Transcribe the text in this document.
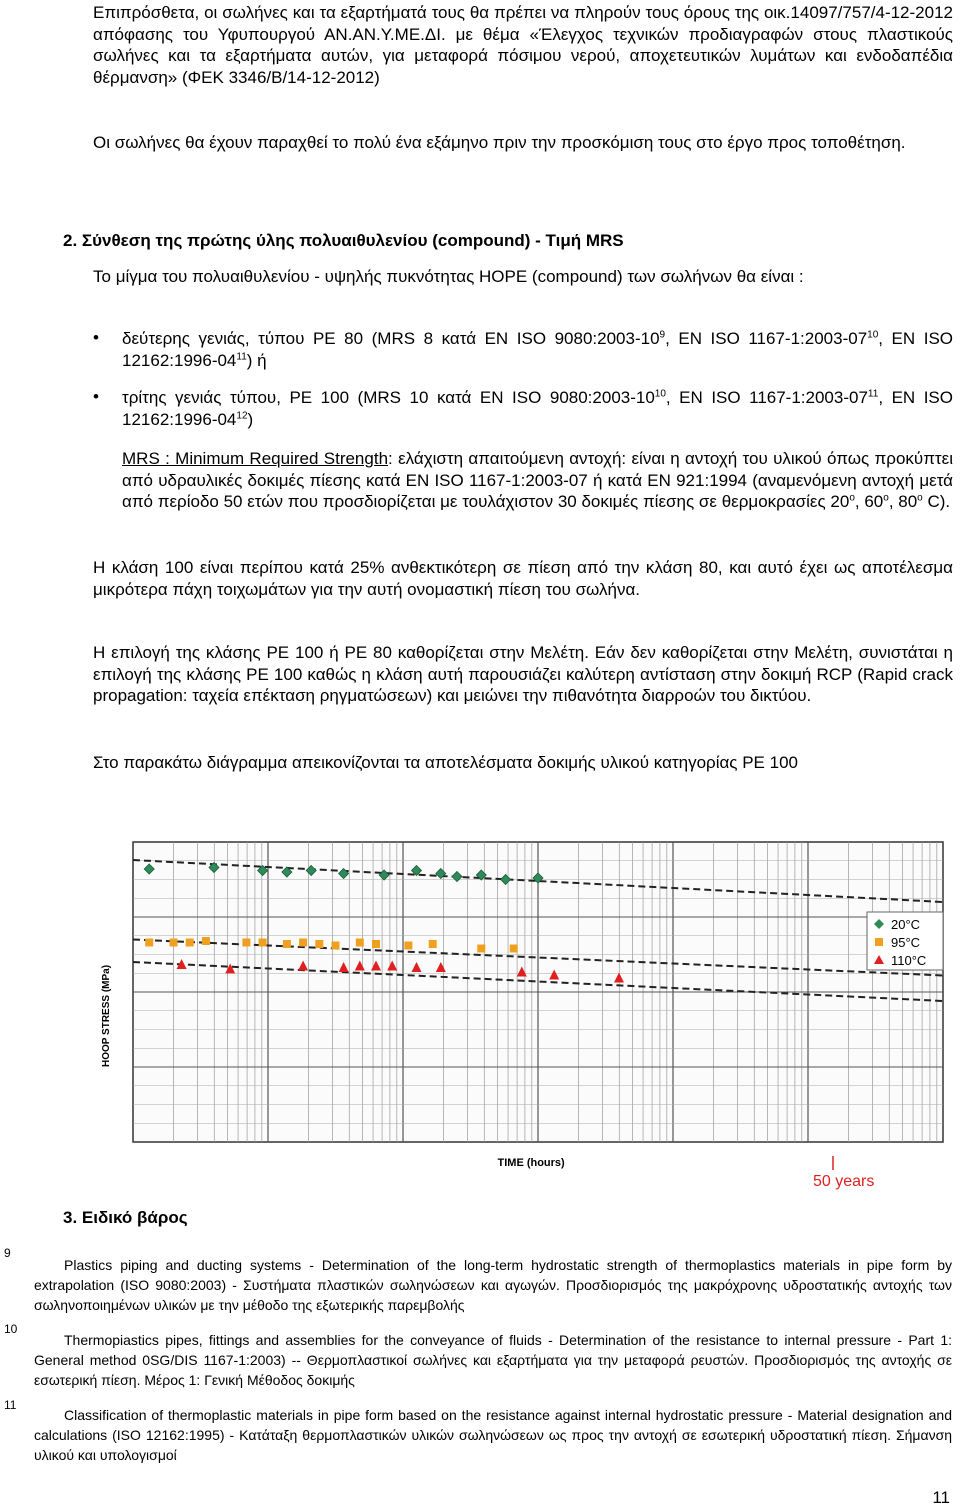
Επιπρόσθετα, οι σωλήνες και τα εξαρτήματά τους θα πρέπει να πληρούν τους όρους της οικ.14097/757/4-12-2012 απόφασης του Υφυπουργού ΑΝ.ΑΝ.Υ.ΜΕ.ΔΙ. με θέμα «Έλεγχος τεχνικών προδιαγραφών στους πλαστικούς σωλήνες και τα εξαρτήματα αυτών, για μεταφορά πόσιμου νερού, αποχετευτικών λυμάτων και ενδοδαπέδια θέρμανση» (ΦΕΚ 3346/Β/14-12-2012)

Οι σωλήνες θα έχουν παραχθεί το πολύ ένα εξάμηνο πριν την προσκόμιση τους στο έργο προς τοποθέτηση.

2. Σύνθεση της πρώτης ύλης πολυαιθυλενίου (compound) - Τιμή MRS

Το μίγμα του πολυαιθυλενίου - υψηλής πυκνότητας HOPE (compound) των σωλήνων θα είναι :

• δεύτερης γενιάς, τύπου PE 80 (MRS 8 κατά EN ISO $9080:2003-10^9$, EN ISO $1167-1:2003-07^{10}$, EN ISO $12162:1996-04^{11}$) ή

• τρίτης γενιάς τύπου, PE 100 (MRS 10 κατά EN ISO $9080:2003-10^{10}$, EN ISO $1167-1:2003-07^{11}$, EN ISO $12162:1996-04^{12}$)

MRS : Minimum Required Strength: ελάχιστη απαιτούμενη αντοχή: είναι η αντοχή του υλικού όπως προκύπτει από υδραυλικές δοκιμές πίεσης κατά EN ISO 1167-1:2003-07 ή κατά EN 921:1994 (αναμενόμενη αντοχή μετά από περίοδο 50 ετών που προσδιορίζεται με τουλάχιστον 30 δοκιμές πίεσης σε θερμοκρασίες $20^o$, $60^o$, $80^o$ C).

Η κλάση 100 είναι περίπου κατά 25% ανθεκτικότερη σε πίεση από την κλάση 80, και αυτό έχει ως αποτέλεσμα μικρότερα πάχη τοιχωμάτων για την αυτή ονομαστική πίεση του σωλήνα.

Η επιλογή της κλάσης PE 100 ή PE 80 καθορίζεται στην Μελέτη. Εάν δεν καθορίζεται στην Μελέτη, συνιστάται η επιλογή της κλάσης PE 100 καθώς η κλάση αυτή παρουσιάζει καλύτερη αντίσταση στην δοκιμή RCP (Rapid crack propagation: ταχεία επέκταση ρηγματώσεων) και μειώνει την πιθανότητα διαρροών του δικτύου.

Στο παρακάτω διάγραμμα απεικονίζονται τα αποτελέσματα δοκιμής υλικού κατηγορίας PE 100

20°C
95°C
110°C
HOOP STRESS (MPa)
TIME (hours)
50 years
3. Ειδικό βάρος
9

Plastics piping and ducting systems - Determination of the long-term hydrostatic strength of thermoplastics materials in pipe form by extrapolation (ISO 9080:2003) - Συστήματα πλαστικών σωληνώσεων και αγωγών. Προσδιορισμός της μακρόχρονης υδροστατικής αντοχής των σωληνοποιημένων υλικών με την μέθοδο της εξωτερικής παρεμβολής

10

Thermopiastics pipes, fittings and assemblies for the conveyance of fluids - Determination of the resistance to internal pressure - Part 1: General method 0SG/DIS 1167-1:2003) -- Θερμοπλαστικοί σωλήνες και εξαρτήματα για την μεταφορά ρευστών. Προσδιορισμός της αντοχής σε εσωτερική πίεση. Μέρος 1: Γενική Μέθοδος δοκιμής

11

Classification of thermoplastic materials in pipe form based on the resistance against internal hydrostatic pressure - Material designation and calculations (ISO 12162:1995) - Κατάταξη θερμοπλαστικών υλικών σωληνώσεων ως προς την αντοχή σε εσωτερική υδροστατική πίεση. Σήμανση υλικού και υπολογισμοί

11
